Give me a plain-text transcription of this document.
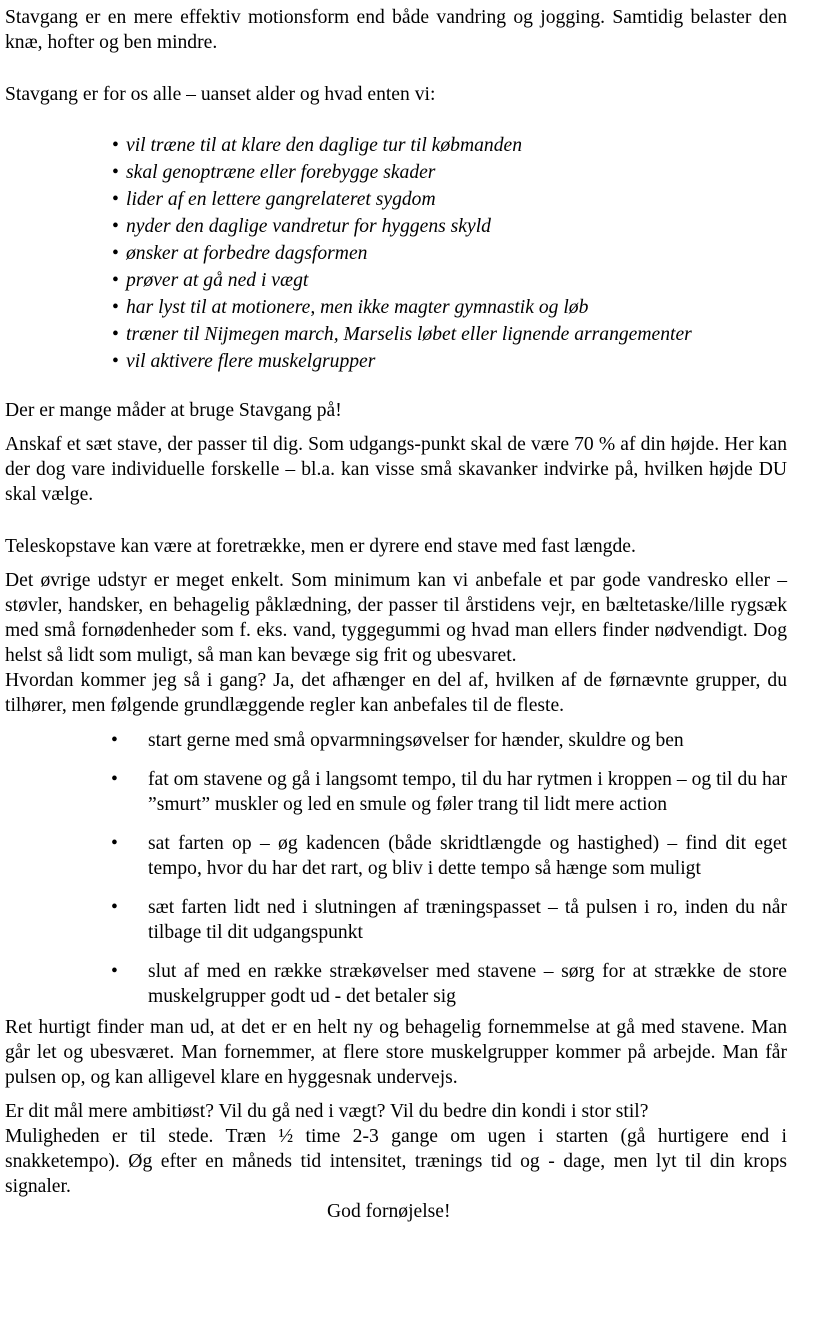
Stavgang er en mere effektiv motionsform end både vandring og jogging. Samtidig belaster den knæ, hofter og ben mindre.

Stavgang er for os alle – uanset alder og hvad enten vi:

• vil træne til at klare den daglige tur til købmanden
• skal genoptræne eller forebygge skader
• lider af en lettere gangrelateret sygdom
• nyder den daglige vandretur for hyggens skyld
• ønsker at forbedre dagsformen
• prøver at gå ned i vægt
• har lyst til at motionere, men ikke magter gymnastik og løb
• træner til Nijmegen march, Marselis løbet eller lignende arrangementer
• vil aktivere flere muskelgrupper

Der er mange måder at bruge Stavgang på!

Anskaf et sæt stave, der passer til dig. Som udgangs-punkt skal de være 70 % af din højde. Her kan der dog vare individuelle forskelle – bl.a. kan visse små skavanker indvirke på, hvilken højde DU skal vælge.

Teleskopstave kan være at foretrække, men er dyrere end stave med fast længde.

Det øvrige udstyr er meget enkelt. Som minimum kan vi anbefale et par gode vandresko eller – støvler, handsker, en behagelig påklædning, der passer til årstidens vejr, en bæltetaske/lille rygsæk med små fornødenheder som f. eks. vand, tyggegummi og hvad man ellers finder nødvendigt. Dog helst så lidt som muligt, så man kan bevæge sig frit og ubesvaret.

Hvordan kommer jeg så i gang? Ja, det afhænger en del af, hvilken af de førnævnte grupper, du tilhører, men følgende grundlæggende regler kan anbefales til de fleste.

• start gerne med små opvarmningsøvelser for hænder, skuldre og ben
• fat om stavene og gå i langsomt tempo, til du har rytmen i kroppen – og til du har ”smurt” muskler og led en smule og føler trang til lidt mere action
• sat farten op – øg kadencen (både skridtlængde og hastighed) – find dit eget tempo, hvor du har det rart, og bliv i dette tempo så hænge som muligt
• sæt farten lidt ned i slutningen af træningspasset – tå pulsen i ro, inden du når tilbage til dit udgangspunkt
• slut af med en række strækøvelser med stavene – sørg for at strække de store muskelgrupper godt ud - det betaler sig

Ret hurtigt finder man ud, at det er en helt ny og behagelig fornemmelse at gå med stavene. Man går let og ubesværet. Man fornemmer, at flere store muskelgrupper kommer på arbejde. Man får pulsen op, og kan alligevel klare en hyggesnak undervejs.

Er dit mål mere ambitiøst? Vil du gå ned i vægt? Vil du bedre din kondi i stor stil?

Muligheden er til stede. Træn ½ time 2-3 gange om ugen i starten (gå hurtigere end i snakketempo). Øg efter en måneds tid intensitet, trænings tid og - dage, men lyt til din krops signaler.

God fornøjelse!
